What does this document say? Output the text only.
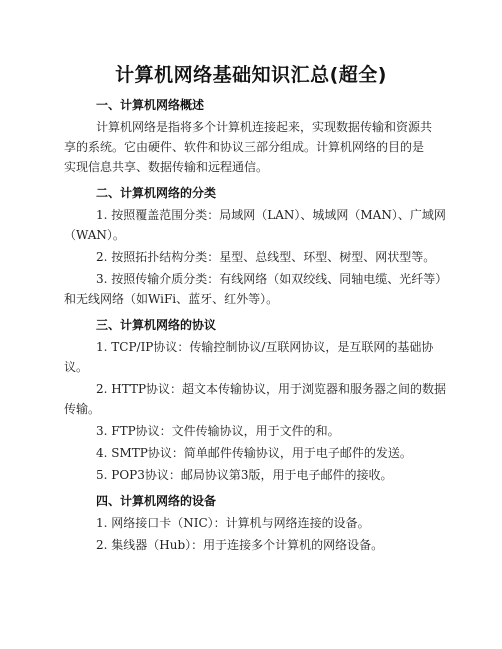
计算机网络基础知识汇总(超全)
一、计算机网络概述
计算机网络是指将多个计算机连接起来，实现数据传输和资源共
享的系统。它由硬件、软件和协议三部分组成。计算机网络的目的是
实现信息共享、数据传输和远程通信。
二、计算机网络的分类
1. 按照覆盖范围分类：局域网（LAN）、城域网（MAN）、广域网
（WAN）。
2. 按照拓扑结构分类：星型、总线型、环型、树型、网状型等。
3. 按照传输介质分类：有线网络（如双绞线、同轴电缆、光纤等）
和无线网络（如WiFi、蓝牙、红外等）。
三、计算机网络的协议
1. TCP/IP协议：传输控制协议/互联网协议，是互联网的基础协
议。
2. HTTP协议：超文本传输协议，用于浏览器和服务器之间的数据
传输。
3. FTP协议：文件传输协议，用于文件的和。
4. SMTP协议：简单邮件传输协议，用于电子邮件的发送。
5. POP3协议：邮局协议第3版，用于电子邮件的接收。
四、计算机网络的设备
1. 网络接口卡（NIC）：计算机与网络连接的设备。
2. 集线器（Hub）：用于连接多个计算机的网络设备。
